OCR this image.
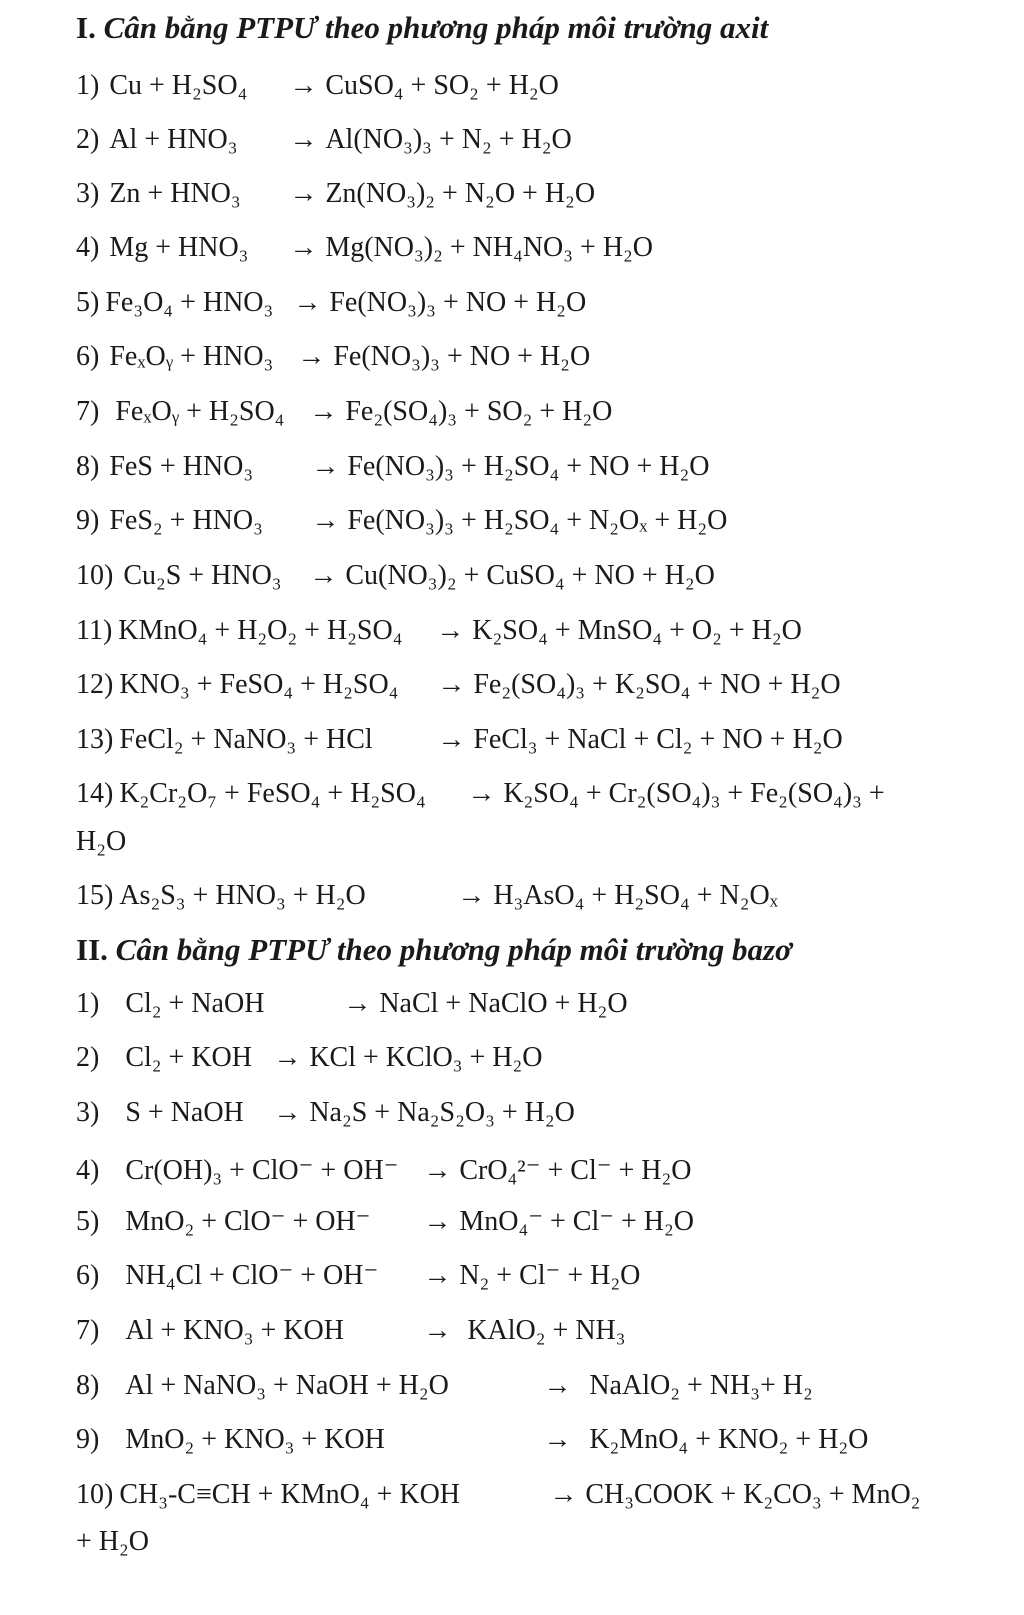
I. Cân bằng PTPƯ theo phương pháp môi trường axit
1) Cu + H₂SO₄ → CuSO₄ + SO₂ + H₂O
2) Al + HNO₃ → Al(NO₃)₃ + N₂ + H₂O
3) Zn + HNO₃ → Zn(NO₃)₂ + N₂O + H₂O
4) Mg + HNO₃ → Mg(NO₃)₂ + NH₄NO₃ + H₂O
5) Fe₃O₄ + HNO₃ → Fe(NO₃)₃ + NO + H₂O
6) FeₓOᵧ + HNO₃ → Fe(NO₃)₃ + NO + H₂O
7) FeₓOᵧ + H₂SO₄ → Fe₂(SO₄)₃ + SO₂ + H₂O
8) FeS + HNO₃ → Fe(NO₃)₃ + H₂SO₄ + NO + H₂O
9) FeS₂ + HNO₃ → Fe(NO₃)₃ + H₂SO₄ + N₂Oₓ + H₂O
10) Cu₂S + HNO₃ → Cu(NO₃)₂ + CuSO₄ + NO + H₂O
11) KMnO₄ + H₂O₂ + H₂SO₄ → K₂SO₄ + MnSO₄ + O₂ + H₂O
12) KNO₃ + FeSO₄ + H₂SO₄ → Fe₂(SO₄)₃ + K₂SO₄ + NO + H₂O
13) FeCl₂ + NaNO₃ + HCl → FeCl₃ + NaCl + Cl₂ + NO + H₂O
14) K₂Cr₂O₇ + FeSO₄ + H₂SO₄ → K₂SO₄ + Cr₂(SO₄)₃ + Fe₂(SO₄)₃ +
H₂O
15) As₂S₃ + HNO₃ + H₂O	→ H₃AsO₄ + H₂SO₄ + N₂Oₓ
II. Cân bằng PTPƯ theo phương pháp môi trường bazơ
1) Cl₂ + NaOH	→ NaCl + NaClO + H₂O
2) Cl₂ + KOH → KCl + KClO₃ + H₂O
3) S + NaOH → Na₂S + Na₂S₂O₃ + H₂O
4) Cr(OH)₃ + ClO⁻ + OH⁻ → CrO₄²⁻ + Cl⁻ + H₂O
5) MnO₂ + ClO⁻ + OH⁻ → MnO₄⁻ + Cl⁻ + H₂O
6) NH₄Cl + ClO⁻ + OH⁻ → N₂ + Cl⁻ + H₂O
7) Al + KNO₃ + KOH	→ KAlO₂ + NH₃
8) Al + NaNO₃ + NaOH + H₂O	→ NaAlO₂ + NH₃+ H₂
9) MnO₂ + KNO₃ + KOH	→ K₂MnO₄ + KNO₂ + H₂O
10) CH₃-C≡CH + KMnO₄ + KOH	→ CH₃COOK + K₂CO₃ + MnO₂
+ H₂O
